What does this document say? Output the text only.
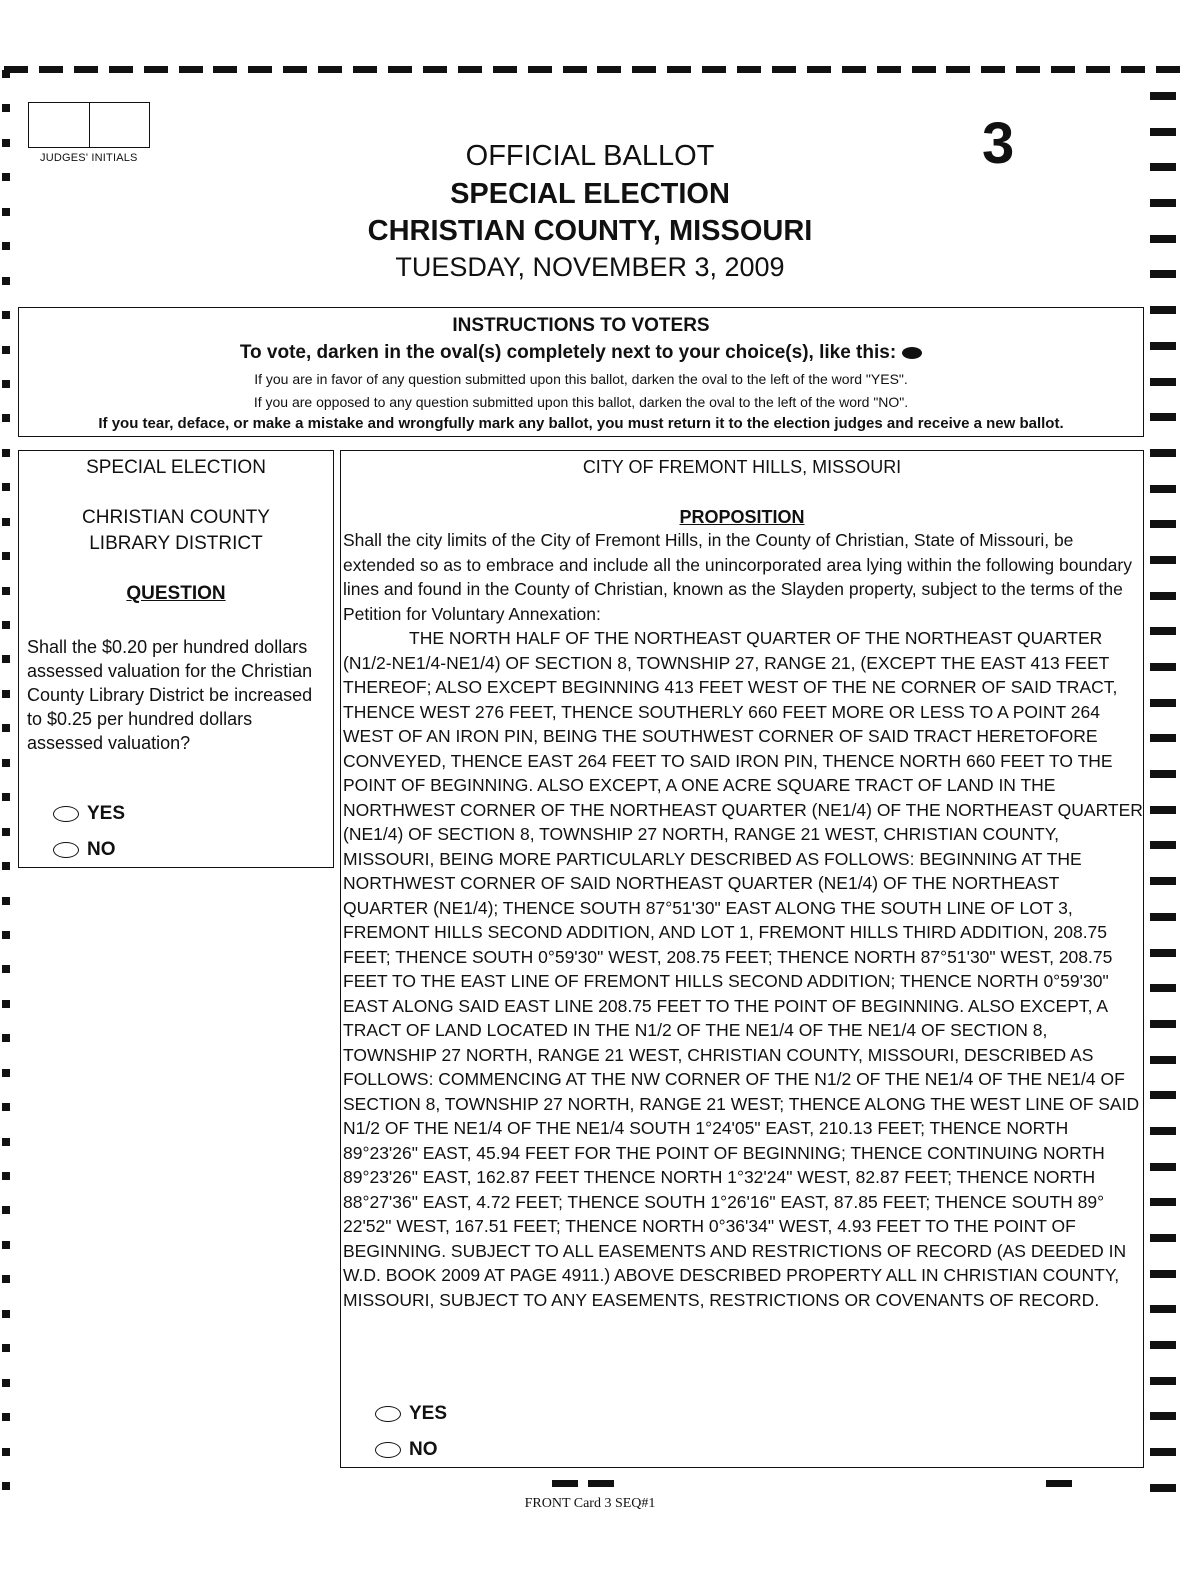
JUDGES' INITIALS	3
OFFICIAL BALLOT
SPECIAL ELECTION
CHRISTIAN COUNTY, MISSOURI
TUESDAY, NOVEMBER 3, 2009
INSTRUCTIONS TO VOTERS
To vote, darken in the oval(s) completely next to your choice(s), like this:
If you are in favor of any question submitted upon this ballot, darken the oval to the left of the word "YES".
If you are opposed to any question submitted upon this ballot, darken the oval to the left of the word "NO".
If you tear, deface, or make a mistake and wrongfully mark any ballot, you must return it to the election judges and receive a new ballot.
SPECIAL ELECTION
CHRISTIAN COUNTY
LIBRARY DISTRICT
QUESTION
Shall the $0.20 per hundred dollars assessed valuation for the Christian County Library District be increased to $0.25 per hundred dollars assessed valuation?
YES
NO
CITY OF FREMONT HILLS, MISSOURI
PROPOSITION
Shall the city limits of the City of Fremont Hills, in the County of Christian, State of Missouri, be extended so as to embrace and include all the unincorporated area lying within the following boundary lines and found in the County of Christian, known as the Slayden property, subject to the terms of the Petition for Voluntary Annexation:
THE NORTH HALF OF THE NORTHEAST QUARTER OF THE NORTHEAST QUARTER (N1/2-NE1/4-NE1/4) OF SECTION 8, TOWNSHIP 27, RANGE 21, (EXCEPT THE EAST 413 FEET THEREOF; ALSO EXCEPT BEGINNING 413 FEET WEST OF THE NE CORNER OF SAID TRACT, THENCE WEST 276 FEET, THENCE SOUTHERLY 660 FEET MORE OR LESS TO A POINT 264 WEST OF AN IRON PIN, BEING THE SOUTHWEST CORNER OF SAID TRACT HERETOFORE CONVEYED, THENCE EAST 264 FEET TO SAID IRON PIN, THENCE NORTH 660 FEET TO THE POINT OF BEGINNING. ALSO EXCEPT, A ONE ACRE SQUARE TRACT OF LAND IN THE NORTHWEST CORNER OF THE NORTHEAST QUARTER (NE1/4) OF THE NORTHEAST QUARTER (NE1/4) OF SECTION 8, TOWNSHIP 27 NORTH, RANGE 21 WEST, CHRISTIAN COUNTY, MISSOURI, BEING MORE PARTICULARLY DESCRIBED AS FOLLOWS: BEGINNING AT THE NORTHWEST CORNER OF SAID NORTHEAST QUARTER (NE1/4) OF THE NORTHEAST QUARTER (NE1/4); THENCE SOUTH 87°51'30" EAST ALONG THE SOUTH LINE OF LOT 3, FREMONT HILLS SECOND ADDITION, AND LOT 1, FREMONT HILLS THIRD ADDITION, 208.75 FEET; THENCE SOUTH 0°59'30" WEST, 208.75 FEET; THENCE NORTH 87°51'30" WEST, 208.75 FEET TO THE EAST LINE OF FREMONT HILLS SECOND ADDITION; THENCE NORTH 0°59'30" EAST ALONG SAID EAST LINE 208.75 FEET TO THE POINT OF BEGINNING. ALSO EXCEPT, A TRACT OF LAND LOCATED IN THE N1/2 OF THE NE1/4 OF THE NE1/4 OF SECTION 8, TOWNSHIP 27 NORTH, RANGE 21 WEST, CHRISTIAN COUNTY, MISSOURI, DESCRIBED AS FOLLOWS: COMMENCING AT THE NW CORNER OF THE N1/2 OF THE NE1/4 OF THE NE1/4 OF SECTION 8, TOWNSHIP 27 NORTH, RANGE 21 WEST; THENCE ALONG THE WEST LINE OF SAID N1/2 OF THE NE1/4 OF THE NE1/4 SOUTH 1°24'05" EAST, 210.13 FEET; THENCE NORTH 89°23'26" EAST, 45.94 FEET FOR THE POINT OF BEGINNING; THENCE CONTINUING NORTH 89°23'26" EAST, 162.87 FEET THENCE NORTH 1°32'24" WEST, 82.87 FEET; THENCE NORTH 88°27'36" EAST, 4.72 FEET; THENCE SOUTH 1°26'16" EAST, 87.85 FEET; THENCE SOUTH 89° 22'52" WEST, 167.51 FEET; THENCE NORTH 0°36'34" WEST, 4.93 FEET TO THE POINT OF BEGINNING. SUBJECT TO ALL EASEMENTS AND RESTRICTIONS OF RECORD (AS DEEDED IN W.D. BOOK 2009 AT PAGE 4911.) ABOVE DESCRIBED PROPERTY ALL IN CHRISTIAN COUNTY, MISSOURI, SUBJECT TO ANY EASEMENTS, RESTRICTIONS OR COVENANTS OF RECORD.
YES
NO
FRONT Card 3 SEQ#1
